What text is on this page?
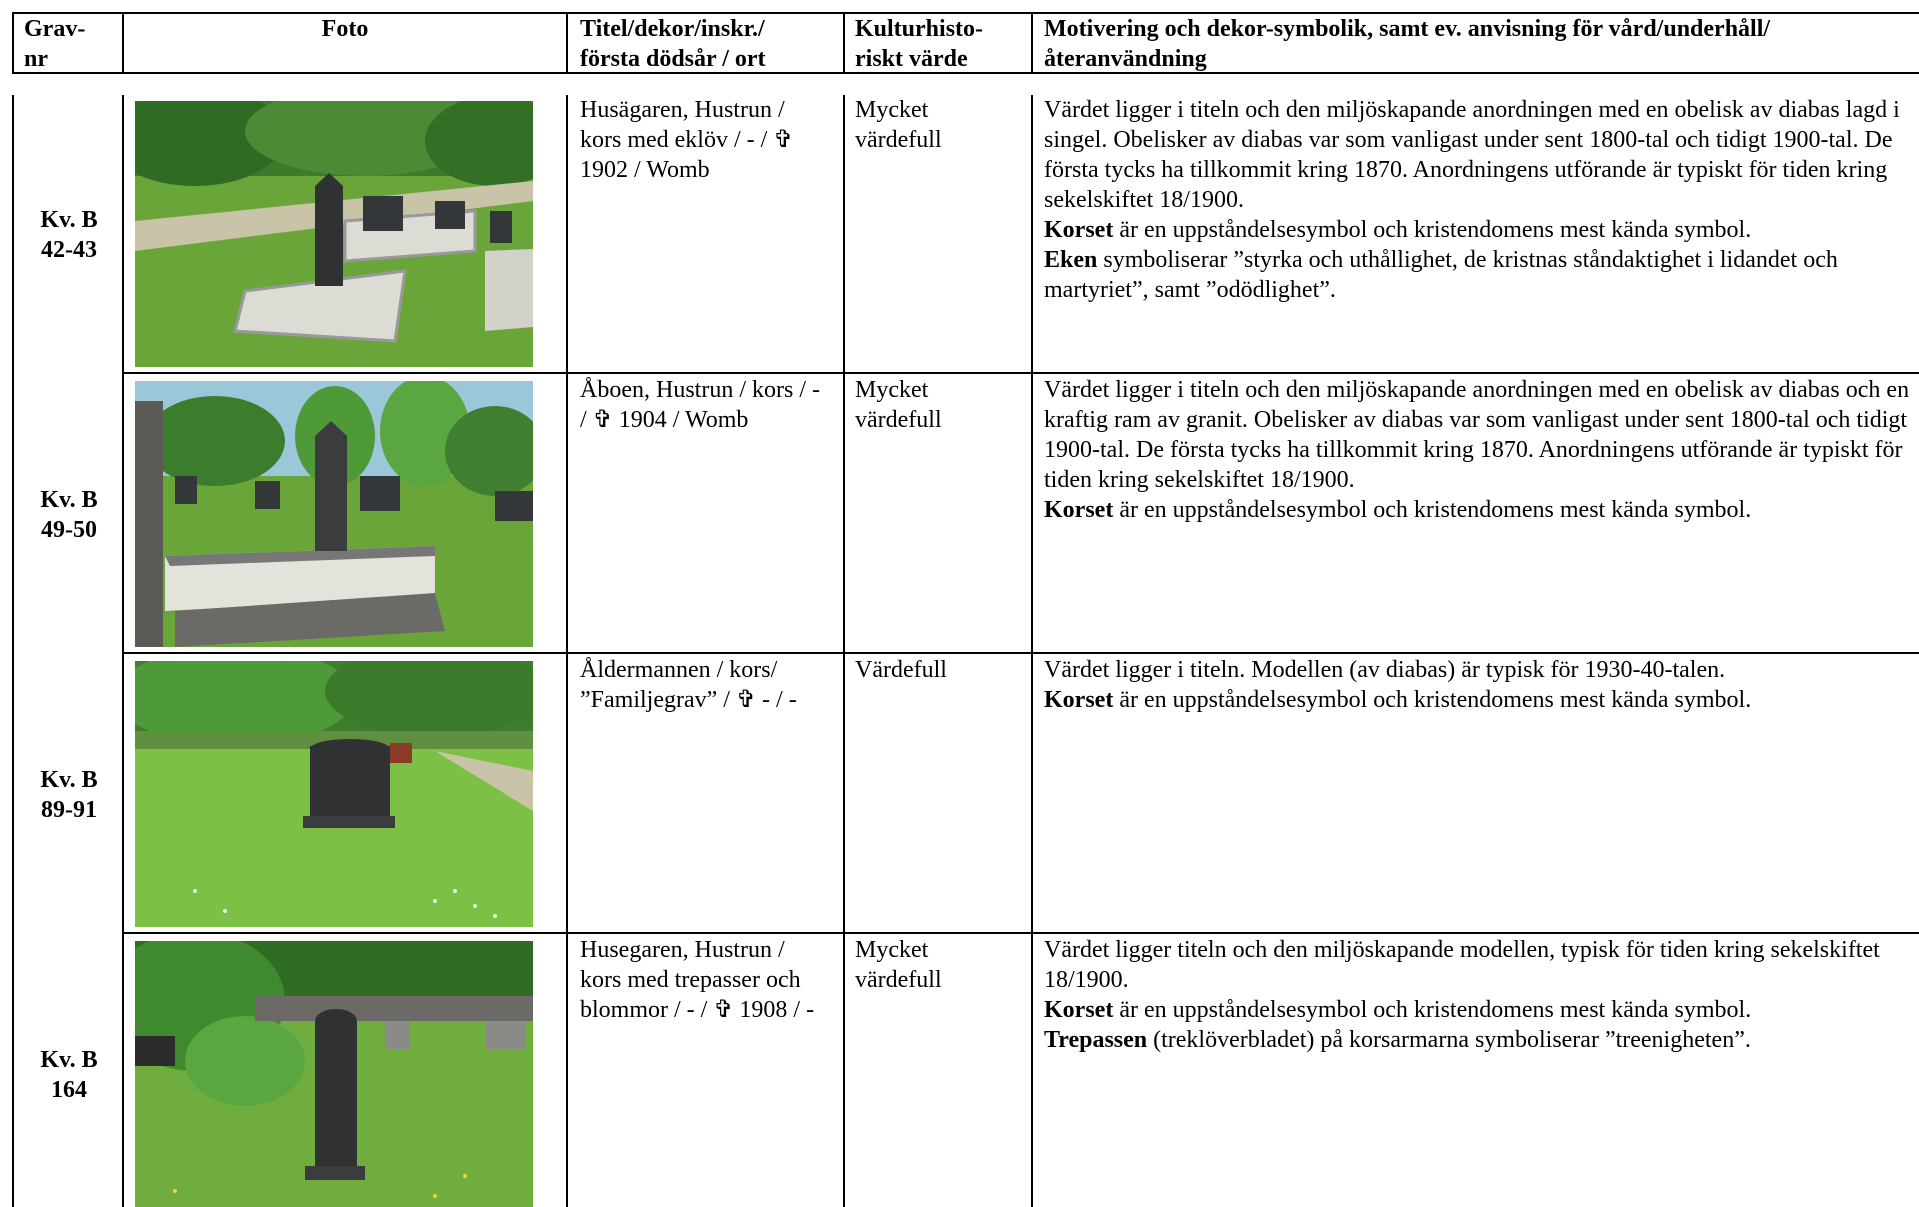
Grav-
nr
Foto	Titel/dekor/inskr./
första dödsår / ort
Kulturhisto-
riskt värde
Motivering och dekor-symbolik, samt ev. anvisning för vård/underhåll/
återanvändning
Kv. B
42-43
Husägaren, Hustrun / kors med eklöv / - / ✞ 1902 / Womb
Mycket värdefull

Värdet ligger i titeln och den miljöskapande anordningen med en obelisk av diabas lagd i singel. Obelisker av diabas var som vanligast under sent 1800-tal och tidigt 1900-tal. De första tycks ha tillkommit kring 1870. Anordningens utförande är typiskt för tiden kring sekelskiftet 18/1900.

Korset är en uppståndelsesymbol och kristendomens mest kända symbol.

Eken symboliserar ”styrka och uthållighet, de kristnas ståndaktighet i lidandet och martyriet”, samt ”odödlighet”.

Kv. B
49-50
Åboen, Hustrun / kors / - / ✞ 1904 / Womb
Mycket värdefull

Värdet ligger i titeln och den miljöskapande anordningen med en obelisk av diabas och en kraftig ram av granit. Obelisker av diabas var som vanligast under sent 1800-tal och tidigt 1900-tal. De första tycks ha tillkommit kring 1870. Anordningens utförande är typiskt för tiden kring sekelskiftet 18/1900.

Korset är en uppståndelsesymbol och kristendomens mest kända symbol.

Kv. B
89-91
Åldermannen / kors/ ”Familjegrav” / ✞ - / -
Värdefull	Värdet ligger i titeln. Modellen (av diabas) är typisk för 1930-40-talen.

Korset är en uppståndelsesymbol och kristendomens mest kända symbol.

Kv. B
164
Husegaren, Hustrun / kors med trepasser och blommor / - / ✞ 1908 / -
Mycket värdefull

Värdet ligger titeln och den miljöskapande modellen, typisk för tiden kring sekelskiftet 18/1900.

Korset är en uppståndelsesymbol och kristendomens mest kända symbol.

Trepassen (treklöverbladet) på korsarmarna symboliserar ”treenigheten”.
